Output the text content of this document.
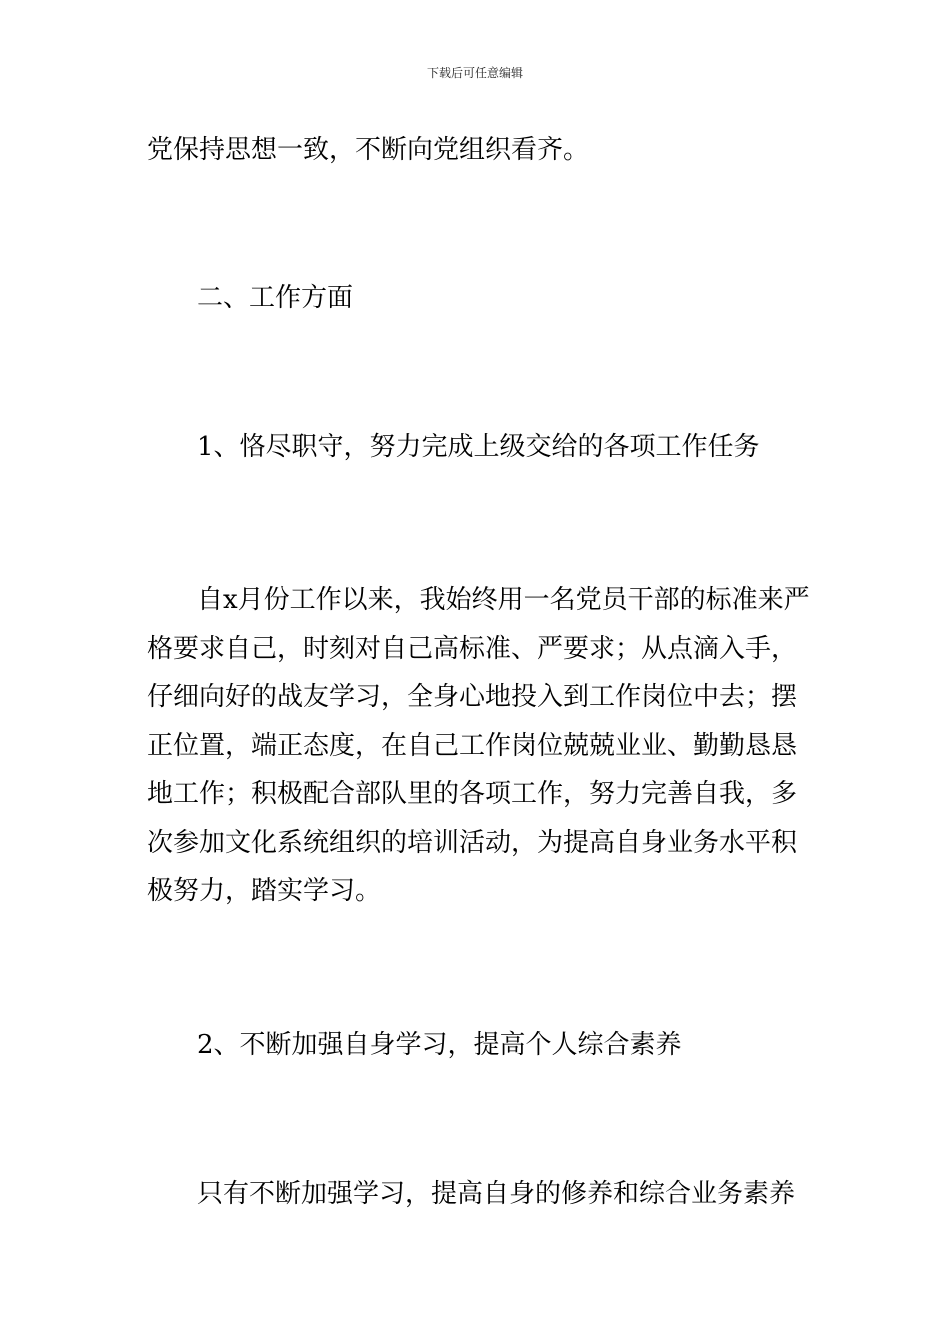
下载后可任意编辑
党保持思想一致，不断向党组织看齐。
二、工作方面
1、恪尽职守，努力完成上级交给的各项工作任务
自x月份工作以来，我始终用一名党员干部的标准来严
格要求自己，时刻对自己高标准、严要求；从点滴入手，
仔细向好的战友学习，全身心地投入到工作岗位中去；摆
正位置，端正态度，在自己工作岗位兢兢业业、勤勤恳恳
地工作；积极配合部队里的各项工作，努力完善自我，多
次参加文化系统组织的培训活动，为提高自身业务水平积
极努力，踏实学习。
2、不断加强自身学习，提高个人综合素养
只有不断加强学习，提高自身的修养和综合业务素养
